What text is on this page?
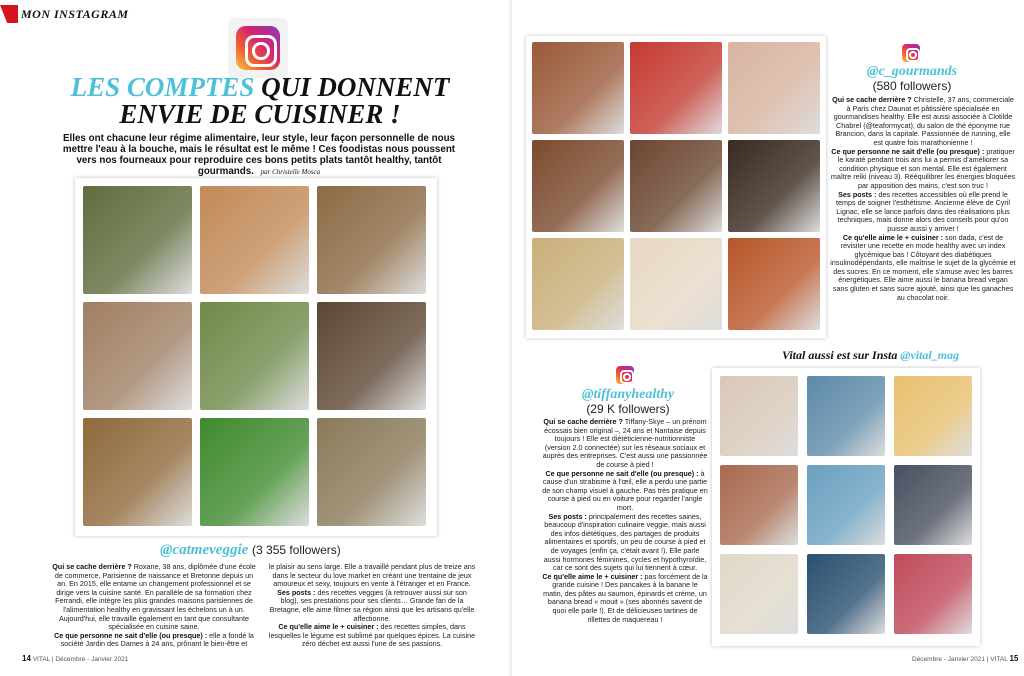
MON INSTAGRAM
LES COMPTES QUI DONNENT
ENVIE DE CUISINER !
Elles ont chacune leur régime alimentaire, leur style, leur façon personnelle de nous mettre l'eau à la bouche, mais le résultat est le même ! Ces foodistas nous poussent vers nos fourneaux pour reproduire ces bons petits plats tantôt healthy, tantôt gourmands. par Christelle Mosca
@catmeveggie (3 355 followers)

Qui se cache derrière ? Roxane, 38 ans, diplômée d'une école de commerce, Parisienne de naissance et Bretonne depuis un an. En 2015, elle entame un changement professionnel et se dirige vers la cuisine santé. En parallèle de sa formation chez Ferrandi, elle intègre les plus grandes maisons parisiennes de l'alimentation healthy en gravissant les échelons un à un. Aujourd'hui, elle travaille également en tant que consultante spécialisée en cuisine saine.

Ce que personne ne sait d'elle (ou presque) : elle a fondé la société Jardin des Dames à 24 ans, prônant le bien-être et

le plaisir au sens large. Elle a travaillé pendant plus de treize ans dans le secteur du love market en créant une trentaine de jeux amoureux et sexy, toujours en vente à l'étranger et en France.

Ses posts : des recettes veggies (à retrouver aussi sur son blog), ses prestations pour ses clients… Grande fan de la Bretagne, elle aime filmer sa région ainsi que les artisans qu'elle affectionne.

Ce qu'elle aime le + cuisiner : des recettes simples, dans lesquelles le légume est sublimé par quelques épices. La cuisine zéro déchet est aussi l'une de ses passions.

14 VITAL | Décembre - Janvier 2021
@c_gourmands
(580 followers)

Qui se cache derrière ? Christelle, 37 ans, commerciale à Paris chez Daunat et pâtissière spécialisée en gourmandises healthy. Elle est aussi associée à Clotilde Chabrel (@teaformycat), du salon de thé éponyme rue Brancion, dans la capitale. Passionnée de running, elle est quatre fois marathonienne !

Ce que personne ne sait d'elle (ou presque) : pratiquer le karaté pendant trois ans lui a permis d'améliorer sa condition physique et son mental. Elle est également maître reiki (niveau 3). Rééquilibrer les énergies bloquées par apposition des mains, c'est son truc !

Ses posts : des recettes accessibles où elle prend le temps de soigner l'esthétisme. Ancienne élève de Cyril Lignac, elle se lance parfois dans des réalisations plus techniques, mais donne alors des conseils pour qu'on puisse aussi y arriver !

Ce qu'elle aime le + cuisiner : son dada, c'est de revisiter une recette en mode healthy avec un index glycémique bas ! Côtoyant des diabétiques insulinodépendants, elle maîtrise le sujet de la glycémie et des sucres. En ce moment, elle s'amuse avec les barres énergétiques. Elle aime aussi le banana bread vegan sans gluten et sans sucre ajouté, ainsi que les ganaches au chocolat noir.

Vital aussi est sur Insta @vital_mag
@tiffanyhealthy
(29 K followers)

Qui se cache derrière ? Tiffany-Skye – un prénom écossais bien original –, 24 ans et Nantaise depuis toujours ! Elle est diététicienne-nutritionniste (version 2.0 connectée) sur les réseaux sociaux et auprès des entreprises. C'est aussi une passionnée de course à pied !

Ce que personne ne sait d'elle (ou presque) : à cause d'un strabisme à l'œil, elle a perdu une partie de son champ visuel à gauche. Pas très pratique en course à pied ou en voiture pour regarder l'angle mort.

Ses posts : principalement des recettes saines, beaucoup d'inspiration culinaire veggie, mais aussi des infos diététiques, des partages de produits alimentaires et sportifs, un peu de course à pied et de voyages (enfin ça, c'était avant !). Elle parle aussi hormones féminines, cycles et hypothyroïdie, car ce sont des sujets qui lui tiennent à cœur.

Ce qu'elle aime le + cuisiner : pas forcément de la grande cuisine ! Des pancakes à la banane le matin, des pâtes au saumon, épinards et crème, un banana bread « mouit » (ses abonnés savent de quoi elle parle !). Et de délicieuses tartines de rillettes de maquereau !

Décembre - Janvier 2021 | VITAL 15
